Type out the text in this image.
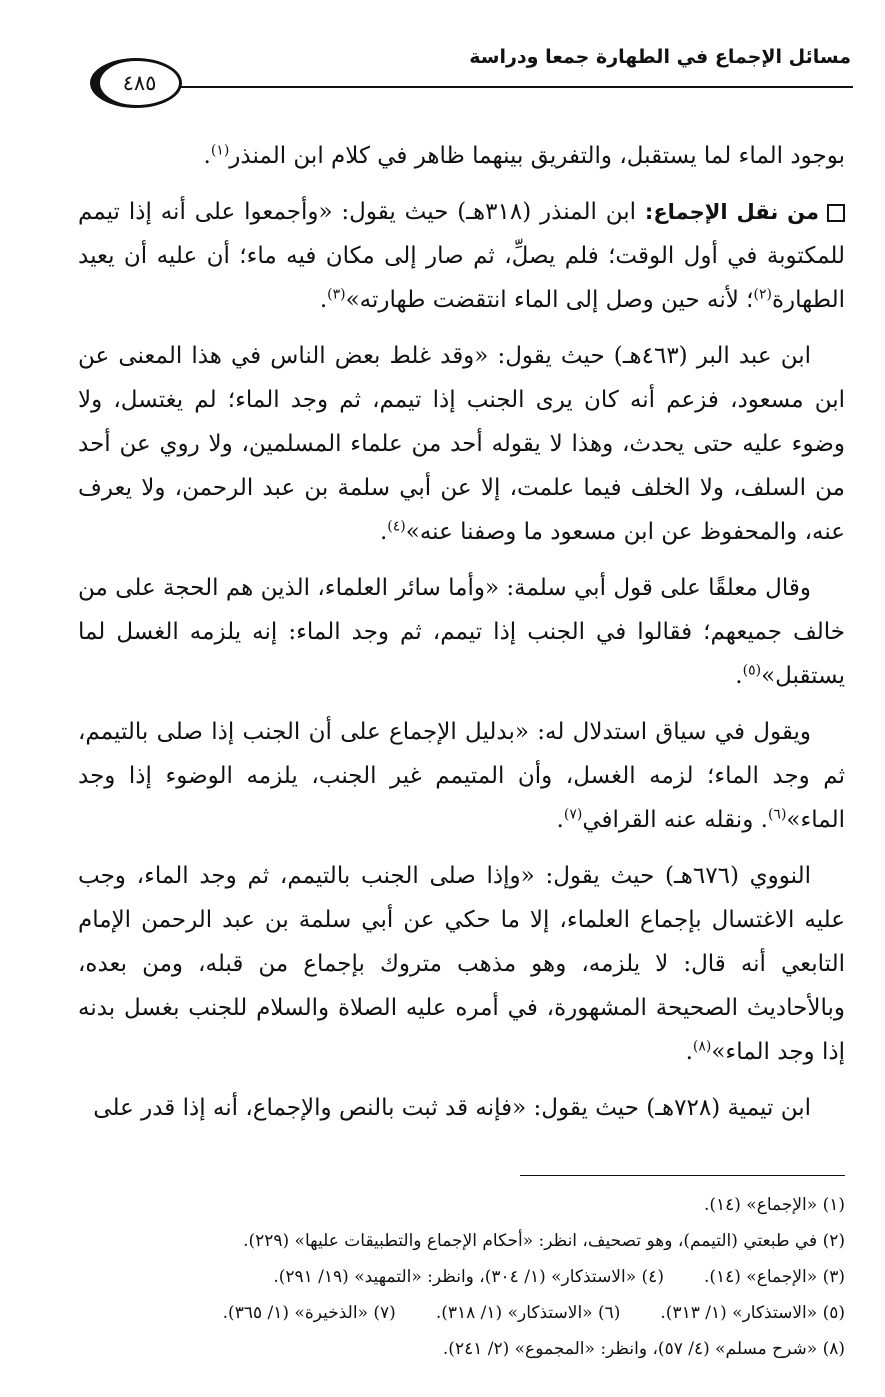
مسائل الإجماع في الطهارة جمعا ودراسة
٤٨٥

بوجود الماء لما يستقبل، والتفريق بينهما ظاهر في كلام ابن المنذر$^{(١)}$.

من نقل الإجماع: ابن المنذر (٣١٨هـ) حيث يقول: «وأجمعوا على أنه إذا تيمم للمكتوبة في أول الوقت؛ فلم يصلِّ، ثم صار إلى مكان فيه ماء؛ أن عليه أن يعيد الطهارة$^{(٢)}$؛ لأنه حين وصل إلى الماء انتقضت طهارته»$^{(٣)}$.

ابن عبد البر (٤٦٣هـ) حيث يقول: «وقد غلط بعض الناس في هذا المعنى عن ابن مسعود، فزعم أنه كان يرى الجنب إذا تيمم، ثم وجد الماء؛ لم يغتسل، ولا وضوء عليه حتى يحدث، وهذا لا يقوله أحد من علماء المسلمين، ولا روي عن أحد من السلف، ولا الخلف فيما علمت، إلا عن أبي سلمة بن عبد الرحمن، ولا يعرف عنه، والمحفوظ عن ابن مسعود ما وصفنا عنه»$^{(٤)}$.

وقال معلقًا على قول أبي سلمة: «وأما سائر العلماء، الذين هم الحجة على من خالف جميعهم؛ فقالوا في الجنب إذا تيمم، ثم وجد الماء: إنه يلزمه الغسل لما يستقبل»$^{(٥)}$.

ويقول في سياق استدلال له: «بدليل الإجماع على أن الجنب إذا صلى بالتيمم، ثم وجد الماء؛ لزمه الغسل، وأن المتيمم غير الجنب، يلزمه الوضوء إذا وجد الماء»$^{(٦)}$. ونقله عنه القرافي$^{(٧)}$.

النووي (٦٧٦هـ) حيث يقول: «وإذا صلى الجنب بالتيمم، ثم وجد الماء، وجب عليه الاغتسال بإجماع العلماء، إلا ما حكي عن أبي سلمة بن عبد الرحمن الإمام التابعي أنه قال: لا يلزمه، وهو مذهب متروك بإجماع من قبله، ومن بعده، وبالأحاديث الصحيحة المشهورة، في أمره عليه الصلاة والسلام للجنب بغسل بدنه إذا وجد الماء»$^{(٨)}$.

ابن تيمية (٧٢٨هـ) حيث يقول: «فإنه قد ثبت بالنص والإجماع، أنه إذا قدر على

(١) «الإجماع» (١٤).
(٢) في طبعتي (التيمم)، وهو تصحيف، انظر: «أحكام الإجماع والتطبيقات عليها» (٢٢٩).
(٣) «الإجماع» (١٤).
(٤) «الاستذكار» (١/ ٣٠٤)، وانظر: «التمهيد» (١٩/ ٢٩١).
(٥) «الاستذكار» (١/ ٣١٣).
(٦) «الاستذكار» (١/ ٣١٨).
(٧) «الذخيرة» (١/ ٣٦٥).
(٨) «شرح مسلم» (٤/ ٥٧)، وانظر: «المجموع» (٢/ ٢٤١).
